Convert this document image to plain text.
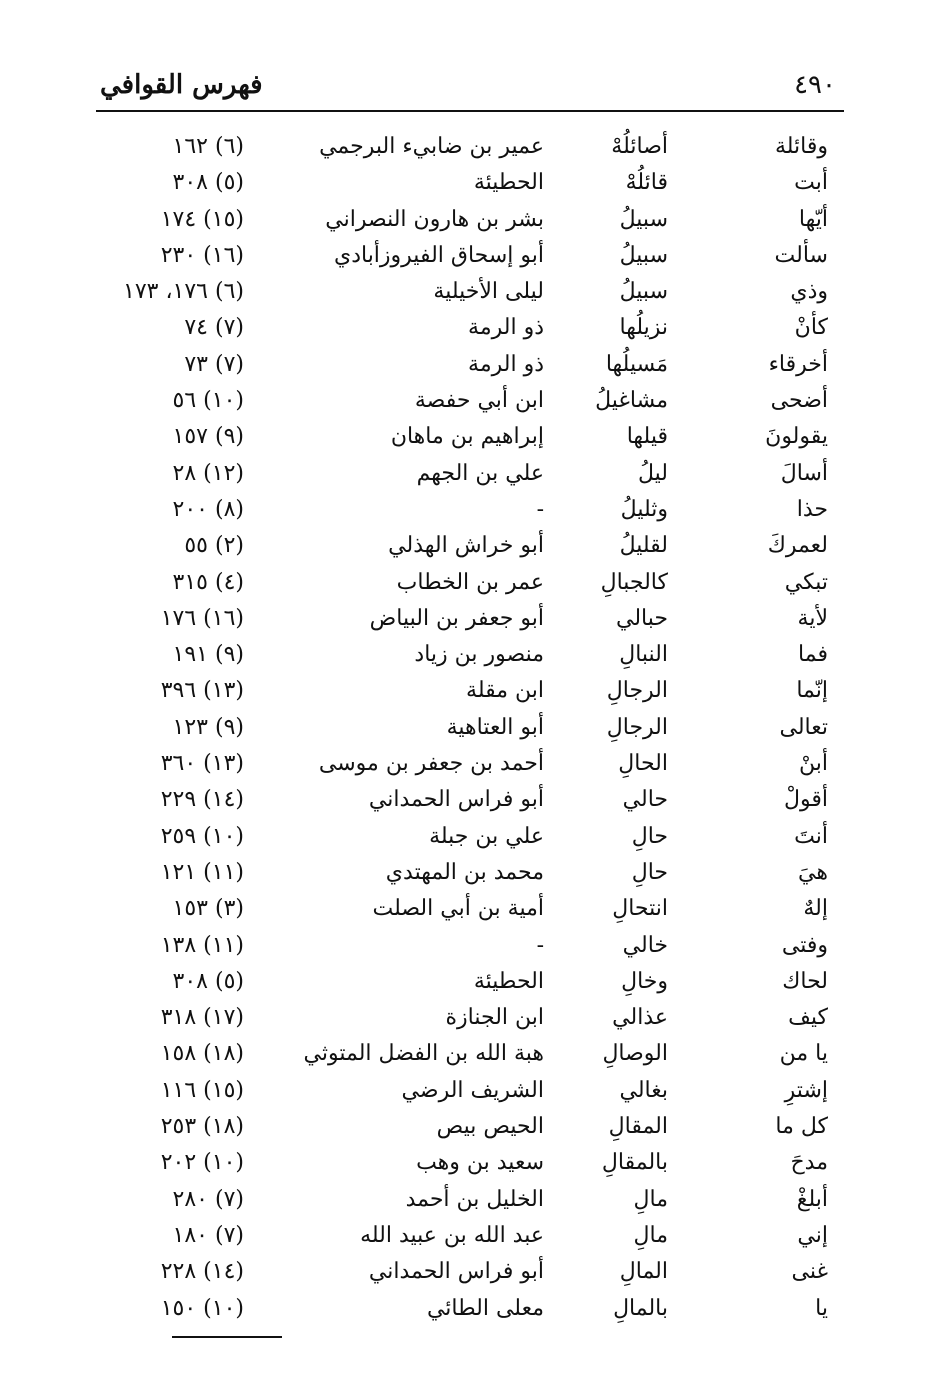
٤٩٠
فهرس القوافي
وقائلة
أصائلُهْ
عمير بن ضابيء البرجمي
(٦) ١٦٢
أبت
قائلُهْ
الحطيئة
(٥) ٣٠٨
أيّها
سبيلُ
بشر بن هارون النصراني
(١٥) ١٧٤
سألت
سبيلُ
أبو إسحاق الفيروزأبادي
(١٦) ٢٣٠
وذي
سبيلُ
ليلى الأخيلية
(٦) ١٧٦، ١٧٣
كأنْ
نزيلُها
ذو الرمة
(٧) ٧٤
أخرقاء
مَسيلُها
ذو الرمة
(٧) ٧٣
أضحى
مشاغيلُ
ابن أبي حفصة
(١٠) ٥٦
يقولونَ
قيلها
إبراهيم بن ماهان
(٩) ١٥٧
أسالَ
ليلُ
علي بن الجهم
(١٢) ٢٨
حذا
وثليلُ
-
(٨) ٢٠٠
لعمركَ
لقليلُ
أبو خراش الهذلي
(٢) ٥٥
تبكي
كالجبالِ
عمر بن الخطاب
(٤) ٣١٥
لأية
حبالي
أبو جعفر بن البياض
(١٦) ١٧٦
فما
النبالِ
منصور بن زياد
(٩) ١٩١
إنّما
الرجالِ
ابن مقلة
(١٣) ٣٩٦
تعالى
الرجالِ
أبو العتاهية
(٩) ١٢٣
أبنْ
الحالِ
أحمد بن جعفر بن موسى
(١٣) ٣٦٠
أقولْ
حالي
أبو فراس الحمداني
(١٤) ٢٢٩
أنتَ
حالِ
علي بن جبلة
(١٠) ٢٥٩
هيَ
حالِ
محمد بن المهتدي
(١١) ١٢١
إلهٌ
انتحالِ
أمية بن أبي الصلت
(٣) ١٥٣
وفتى
خالي
-
(١١) ١٣٨
لحاك
وخالِ
الحطيئة
(٥) ٣٠٨
كيف
عذالي
ابن الجنازة
(١٧) ٣١٨
يا من
الوصالِ
هبة الله بن الفضل المتوثي
(١٨) ١٥٨
إشترِ
بغالي
الشريف الرضي
(١٥) ١١٦
كل ما
المقالِ
الحيص بيص
(١٨) ٢٥٣
مدحَ
بالمقالِ
سعيد بن وهب
(١٠) ٢٠٢
أبلغْ
مالِ
الخليل بن أحمد
(٧) ٢٨٠
إني
مالِ
عبد الله بن عبيد الله
(٧) ١٨٠
غنى
المالِ
أبو فراس الحمداني
(١٤) ٢٢٨
يا
بالمالِ
معلى الطائي
(١٠) ١٥٠
